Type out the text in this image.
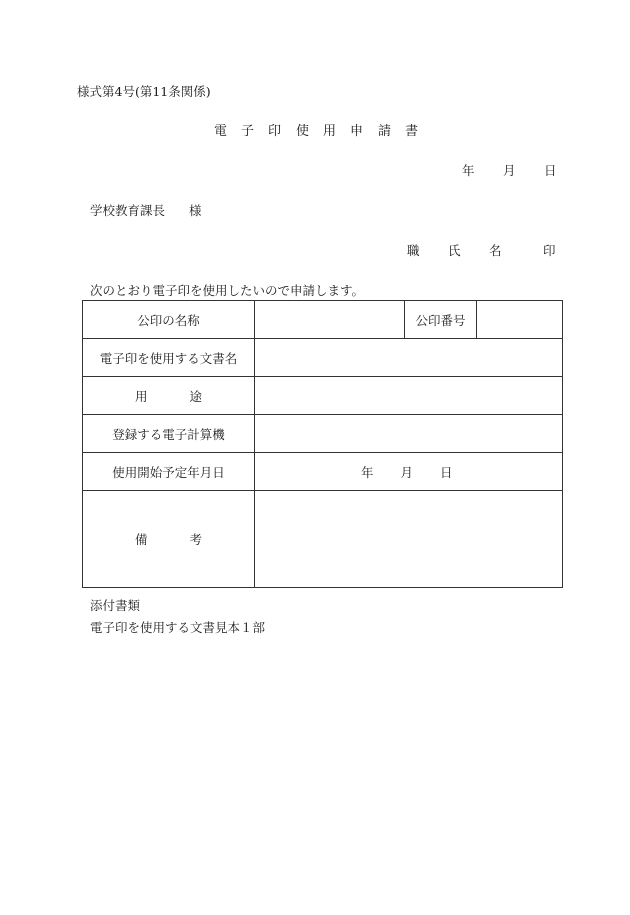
様式第4号(第11条関係)
電 子 印 使 用 申 請 書
年 月 日
学校教育課長 様
職 氏 名	印
次のとおり電子印を使用したいので申請します。
公印の名称		公印番号	
電子印を使用する文書名			
用 途			
登録する電子計算機			
使用開始予定年月日	年 月 日		
備 考			
添付書類
電子印を使用する文書見本１部
